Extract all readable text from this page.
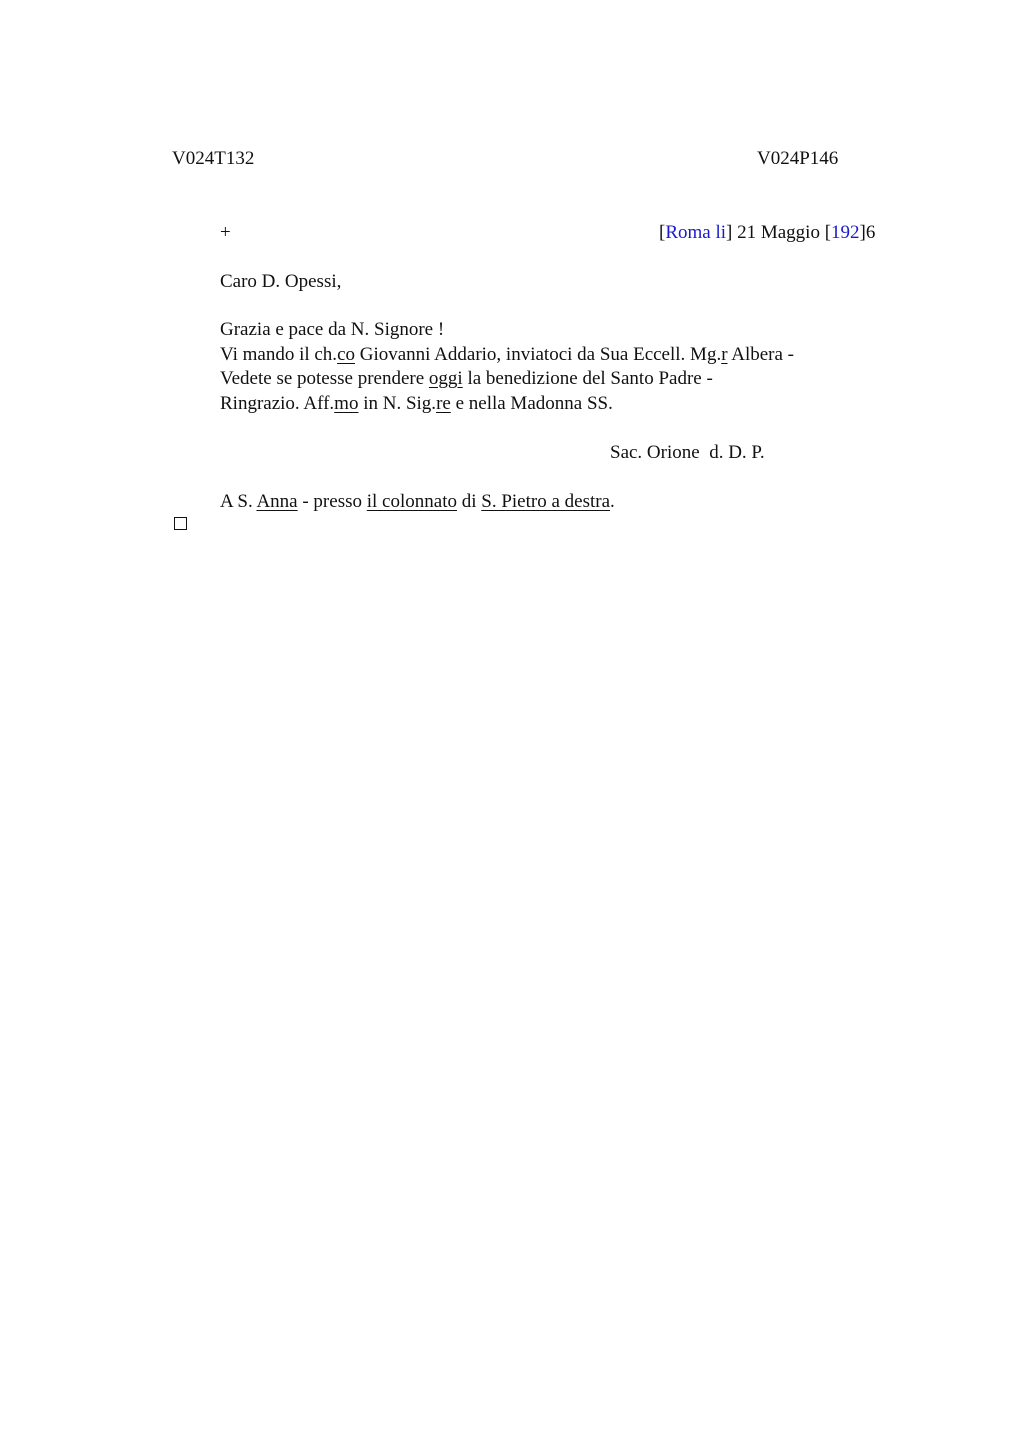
V024T132	V024P146
+	[Roma li] 21 Maggio [192]6
Caro D. Opessi,
Grazia e pace da N. Signore !
Vi mando il ch.co Giovanni Addario, inviatoci da Sua Eccell. Mg.r Albera -
Vedete se potesse prendere oggi la benedizione del Santo Padre -
Ringrazio. Aff.mo in N. Sig.re e nella Madonna SS.
Sac. Orione  d. D. P.
A S. Anna - presso il colonnato di S. Pietro a destra.
